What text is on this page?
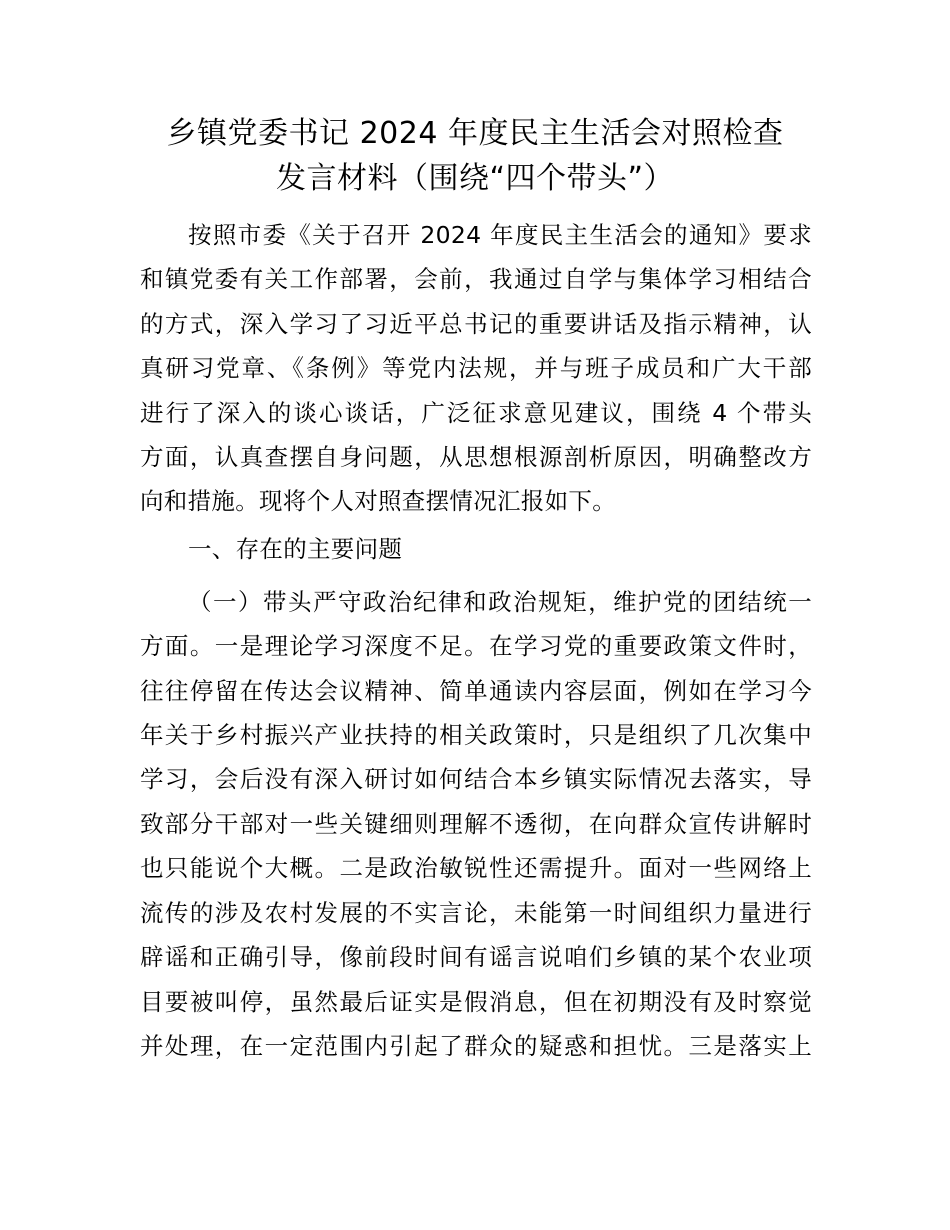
乡镇党委书记 2024 年度民主生活会对照检查
发言材料（围绕“四个带头”）
按照市委《关于召开 2024 年度民主生活会的通知》要求
和镇党委有关工作部署，会前，我通过自学与集体学习相结合
的方式，深入学习了习近平总书记的重要讲话及指示精神，认
真研习党章、《条例》等党内法规，并与班子成员和广大干部
进行了深入的谈心谈话，广泛征求意见建议，围绕 4 个带头
方面，认真查摆自身问题，从思想根源剖析原因，明确整改方
向和措施。现将个人对照查摆情况汇报如下。
一、存在的主要问题
（一）带头严守政治纪律和政治规矩，维护党的团结统一
方面。一是理论学习深度不足。在学习党的重要政策文件时，
往往停留在传达会议精神、简单通读内容层面，例如在学习今
年关于乡村振兴产业扶持的相关政策时，只是组织了几次集中
学习，会后没有深入研讨如何结合本乡镇实际情况去落实，导
致部分干部对一些关键细则理解不透彻，在向群众宣传讲解时
也只能说个大概。二是政治敏锐性还需提升。面对一些网络上
流传的涉及农村发展的不实言论，未能第一时间组织力量进行
辟谣和正确引导，像前段时间有谣言说咱们乡镇的某个农业项
目要被叫停，虽然最后证实是假消息，但在初期没有及时察觉
并处理，在一定范围内引起了群众的疑惑和担忧。三是落实上
